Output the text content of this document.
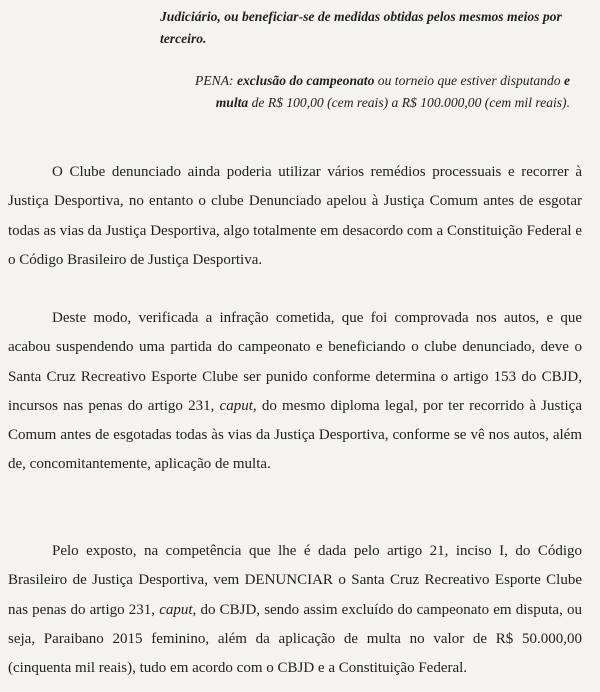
Judiciário, ou beneficiar-se de medidas obtidas pelos mesmos meios por
terceiro.
PENA: exclusão do campeonato ou torneio que estiver disputando e multa de R$ 100,00 (cem reais) a R$ 100.000,00 (cem mil reais).

O Clube denunciado ainda poderia utilizar vários remédios processuais e recorrer à Justiça Desportiva, no entanto o clube Denunciado apelou à Justiça Comum antes de esgotar todas as vias da Justiça Desportiva, algo totalmente em desacordo com a Constituição Federal e o Código Brasileiro de Justiça Desportiva.

Deste modo, verificada a infração cometida, que foi comprovada nos autos, e que acabou suspendendo uma partida do campeonato e beneficiando o clube denunciado, deve o Santa Cruz Recreativo Esporte Clube ser punido conforme determina o artigo 153 do CBJD, incursos nas penas do artigo 231, caput, do mesmo diploma legal, por ter recorrido à Justiça Comum antes de esgotadas todas às vias da Justiça Desportiva, conforme se vê nos autos, além de, concomitantemente, aplicação de multa.

Pelo exposto, na competência que lhe é dada pelo artigo 21, inciso I, do Código Brasileiro de Justiça Desportiva, vem DENUNCIAR o Santa Cruz Recreativo Esporte Clube nas penas do artigo 231, caput, do CBJD, sendo assim excluído do campeonato em disputa, ou seja, Paraibano 2015 feminino, além da aplicação de multa no valor de R$ 50.000,00 (cinquenta mil reais), tudo em acordo com o CBJD e a Constituição Federal.
